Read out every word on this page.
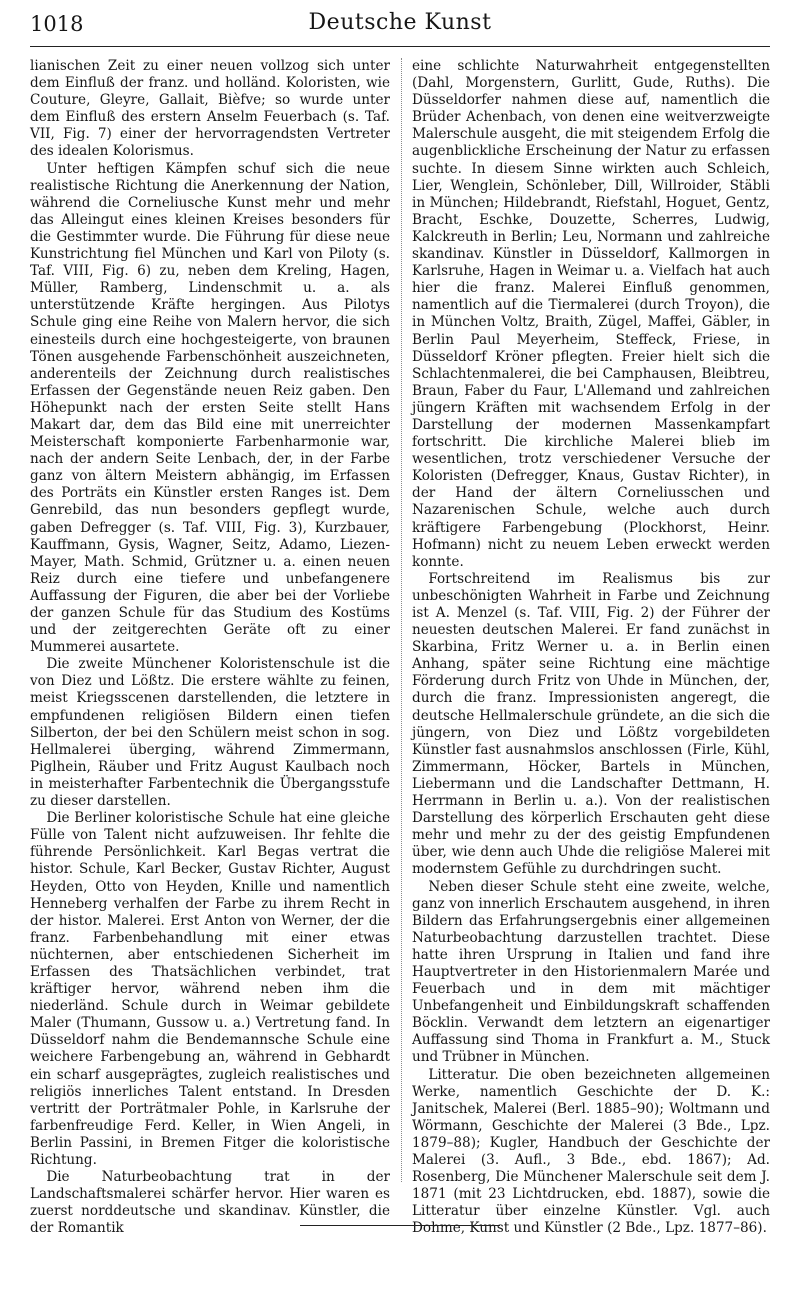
1018	Deutsche Kunst

lianischen Zeit zu einer neuen vollzog sich unter dem Einfluß der franz. und holländ. Koloristen, wie Couture, Gleyre, Gallait, Bièfve; so wurde unter dem Einfluß des erstern Anselm Feuerbach (s. Taf. VII, Fig. 7) einer der hervorragendsten Vertreter des idealen Kolorismus.

Unter heftigen Kämpfen schuf sich die neue realistische Richtung die Anerkennung der Nation, während die Corneliusche Kunst mehr und mehr das Alleingut eines kleinen Kreises besonders für die Gestimmter wurde. Die Führung für diese neue Kunstrichtung fiel München und Karl von Piloty (s. Taf. VIII, Fig. 6) zu, neben dem Kreling, Hagen, Müller, Ramberg, Lindenschmit u. a. als unterstützende Kräfte hergingen. Aus Pilotys Schule ging eine Reihe von Malern hervor, die sich einesteils durch eine hochgesteigerte, von braunen Tönen ausgehende Farbenschönheit auszeichneten, anderenteils der Zeichnung durch realistisches Erfassen der Gegenstände neuen Reiz gaben. Den Höhepunkt nach der ersten Seite stellt Hans Makart dar, dem das Bild eine mit unerreichter Meisterschaft komponierte Farbenharmonie war, nach der andern Seite Lenbach, der, in der Farbe ganz von ältern Meistern abhängig, im Erfassen des Porträts ein Künstler ersten Ranges ist. Dem Genrebild, das nun besonders gepflegt wurde, gaben Defregger (s. Taf. VIII, Fig. 3), Kurzbauer, Kauffmann, Gysis, Wagner, Seitz, Adamo, Liezen-Mayer, Math. Schmid, Grützner u. a. einen neuen Reiz durch eine tiefere und unbefangenere Auffassung der Figuren, die aber bei der Vorliebe der ganzen Schule für das Studium des Kostüms und der zeitgerechten Geräte oft zu einer Mummerei ausartete.

Die zweite Münchener Koloristenschule ist die von Diez und Lößtz. Die erstere wählte zu feinen, meist Kriegsscenen darstellenden, die letztere in empfundenen religiösen Bildern einen tiefen Silberton, der bei den Schülern meist schon in sog. Hellmalerei überging, während Zimmermann, Piglhein, Räuber und Fritz August Kaulbach noch in meisterhafter Farbentechnik die Übergangsstufe zu dieser darstellen.

Die Berliner koloristische Schule hat eine gleiche Fülle von Talent nicht aufzuweisen. Ihr fehlte die führende Persönlichkeit. Karl Begas vertrat die histor. Schule, Karl Becker, Gustav Richter, August Heyden, Otto von Heyden, Knille und namentlich Henneberg verhalfen der Farbe zu ihrem Recht in der histor. Malerei. Erst Anton von Werner, der die franz. Farbenbehandlung mit einer etwas nüchternen, aber entschiedenen Sicherheit im Erfassen des Thatsächlichen verbindet, trat kräftiger hervor, während neben ihm die niederländ. Schule durch in Weimar gebildete Maler (Thumann, Gussow u. a.) Vertretung fand. In Düsseldorf nahm die Bendemannsche Schule eine weichere Farbengebung an, während in Gebhardt ein scharf ausgeprägtes, zugleich realistisches und religiös innerliches Talent entstand. In Dresden vertritt der Porträtmaler Pohle, in Karlsruhe der farbenfreudige Ferd. Keller, in Wien Angeli, in Berlin Passini, in Bremen Fitger die koloristische Richtung.

Die Naturbeobachtung trat in der Landschaftsmalerei schärfer hervor. Hier waren es zuerst norddeutsche und skandinav. Künstler, die der Romantik

eine schlichte Naturwahrheit entgegenstellten (Dahl, Morgenstern, Gurlitt, Gude, Ruths). Die Düsseldorfer nahmen diese auf, namentlich die Brüder Achenbach, von denen eine weitverzweigte Malerschule ausgeht, die mit steigendem Erfolg die augenblickliche Erscheinung der Natur zu erfassen suchte. In diesem Sinne wirkten auch Schleich, Lier, Wenglein, Schönleber, Dill, Willroider, Stäbli in München; Hildebrandt, Riefstahl, Hoguet, Gentz, Bracht, Eschke, Douzette, Scherres, Ludwig, Kalckreuth in Berlin; Leu, Normann und zahlreiche skandinav. Künstler in Düsseldorf, Kallmorgen in Karlsruhe, Hagen in Weimar u. a. Vielfach hat auch hier die franz. Malerei Einfluß genommen, namentlich auf die Tiermalerei (durch Troyon), die in München Voltz, Braith, Zügel, Maffei, Gäbler, in Berlin Paul Meyerheim, Steffeck, Friese, in Düsseldorf Kröner pflegten. Freier hielt sich die Schlachtenmalerei, die bei Camphausen, Bleibtreu, Braun, Faber du Faur, L'Allemand und zahlreichen jüngern Kräften mit wachsendem Erfolg in der Darstellung der modernen Massenkampfart fortschritt. Die kirchliche Malerei blieb im wesentlichen, trotz verschiedener Versuche der Koloristen (Defregger, Knaus, Gustav Richter), in der Hand der ältern Corneliusschen und Nazarenischen Schule, welche auch durch kräftigere Farbengebung (Plockhorst, Heinr. Hofmann) nicht zu neuem Leben erweckt werden konnte.

Fortschreitend im Realismus bis zur unbeschönigten Wahrheit in Farbe und Zeichnung ist A. Menzel (s. Taf. VIII, Fig. 2) der Führer der neuesten deutschen Malerei. Er fand zunächst in Skarbina, Fritz Werner u. a. in Berlin einen Anhang, später seine Richtung eine mächtige Förderung durch Fritz von Uhde in München, der, durch die franz. Impressionisten angeregt, die deutsche Hellmalerschule gründete, an die sich die jüngern, von Diez und Lößtz vorgebildeten Künstler fast ausnahmslos anschlossen (Firle, Kühl, Zimmermann, Höcker, Bartels in München, Liebermann und die Landschafter Dettmann, H. Herrmann in Berlin u. a.). Von der realistischen Darstellung des körperlich Erschauten geht diese mehr und mehr zu der des geistig Empfundenen über, wie denn auch Uhde die religiöse Malerei mit modernstem Gefühle zu durchdringen sucht.

Neben dieser Schule steht eine zweite, welche, ganz von innerlich Erschautem ausgehend, in ihren Bildern das Erfahrungsergebnis einer allgemeinen Naturbeobachtung darzustellen trachtet. Diese hatte ihren Ursprung in Italien und fand ihre Hauptvertreter in den Historienmalern Marée und Feuerbach und in dem mit mächtiger Unbefangenheit und Einbildungskraft schaffenden Böcklin. Verwandt dem letztern an eigenartiger Auffassung sind Thoma in Frankfurt a. M., Stuck und Trübner in München.

Litteratur. Die oben bezeichneten allgemeinen Werke, namentlich Geschichte der D. K.: Janitschek, Malerei (Berl. 1885–90); Woltmann und Wörmann, Geschichte der Malerei (3 Bde., Lpz. 1879–88); Kugler, Handbuch der Geschichte der Malerei (3. Aufl., 3 Bde., ebd. 1867); Ad. Rosenberg, Die Münchener Malerschule seit dem J. 1871 (mit 23 Lichtdrucken, ebd. 1887), sowie die Litteratur über einzelne Künstler. Vgl. auch Dohme, Kunst und Künstler (2 Bde., Lpz. 1877–86).
